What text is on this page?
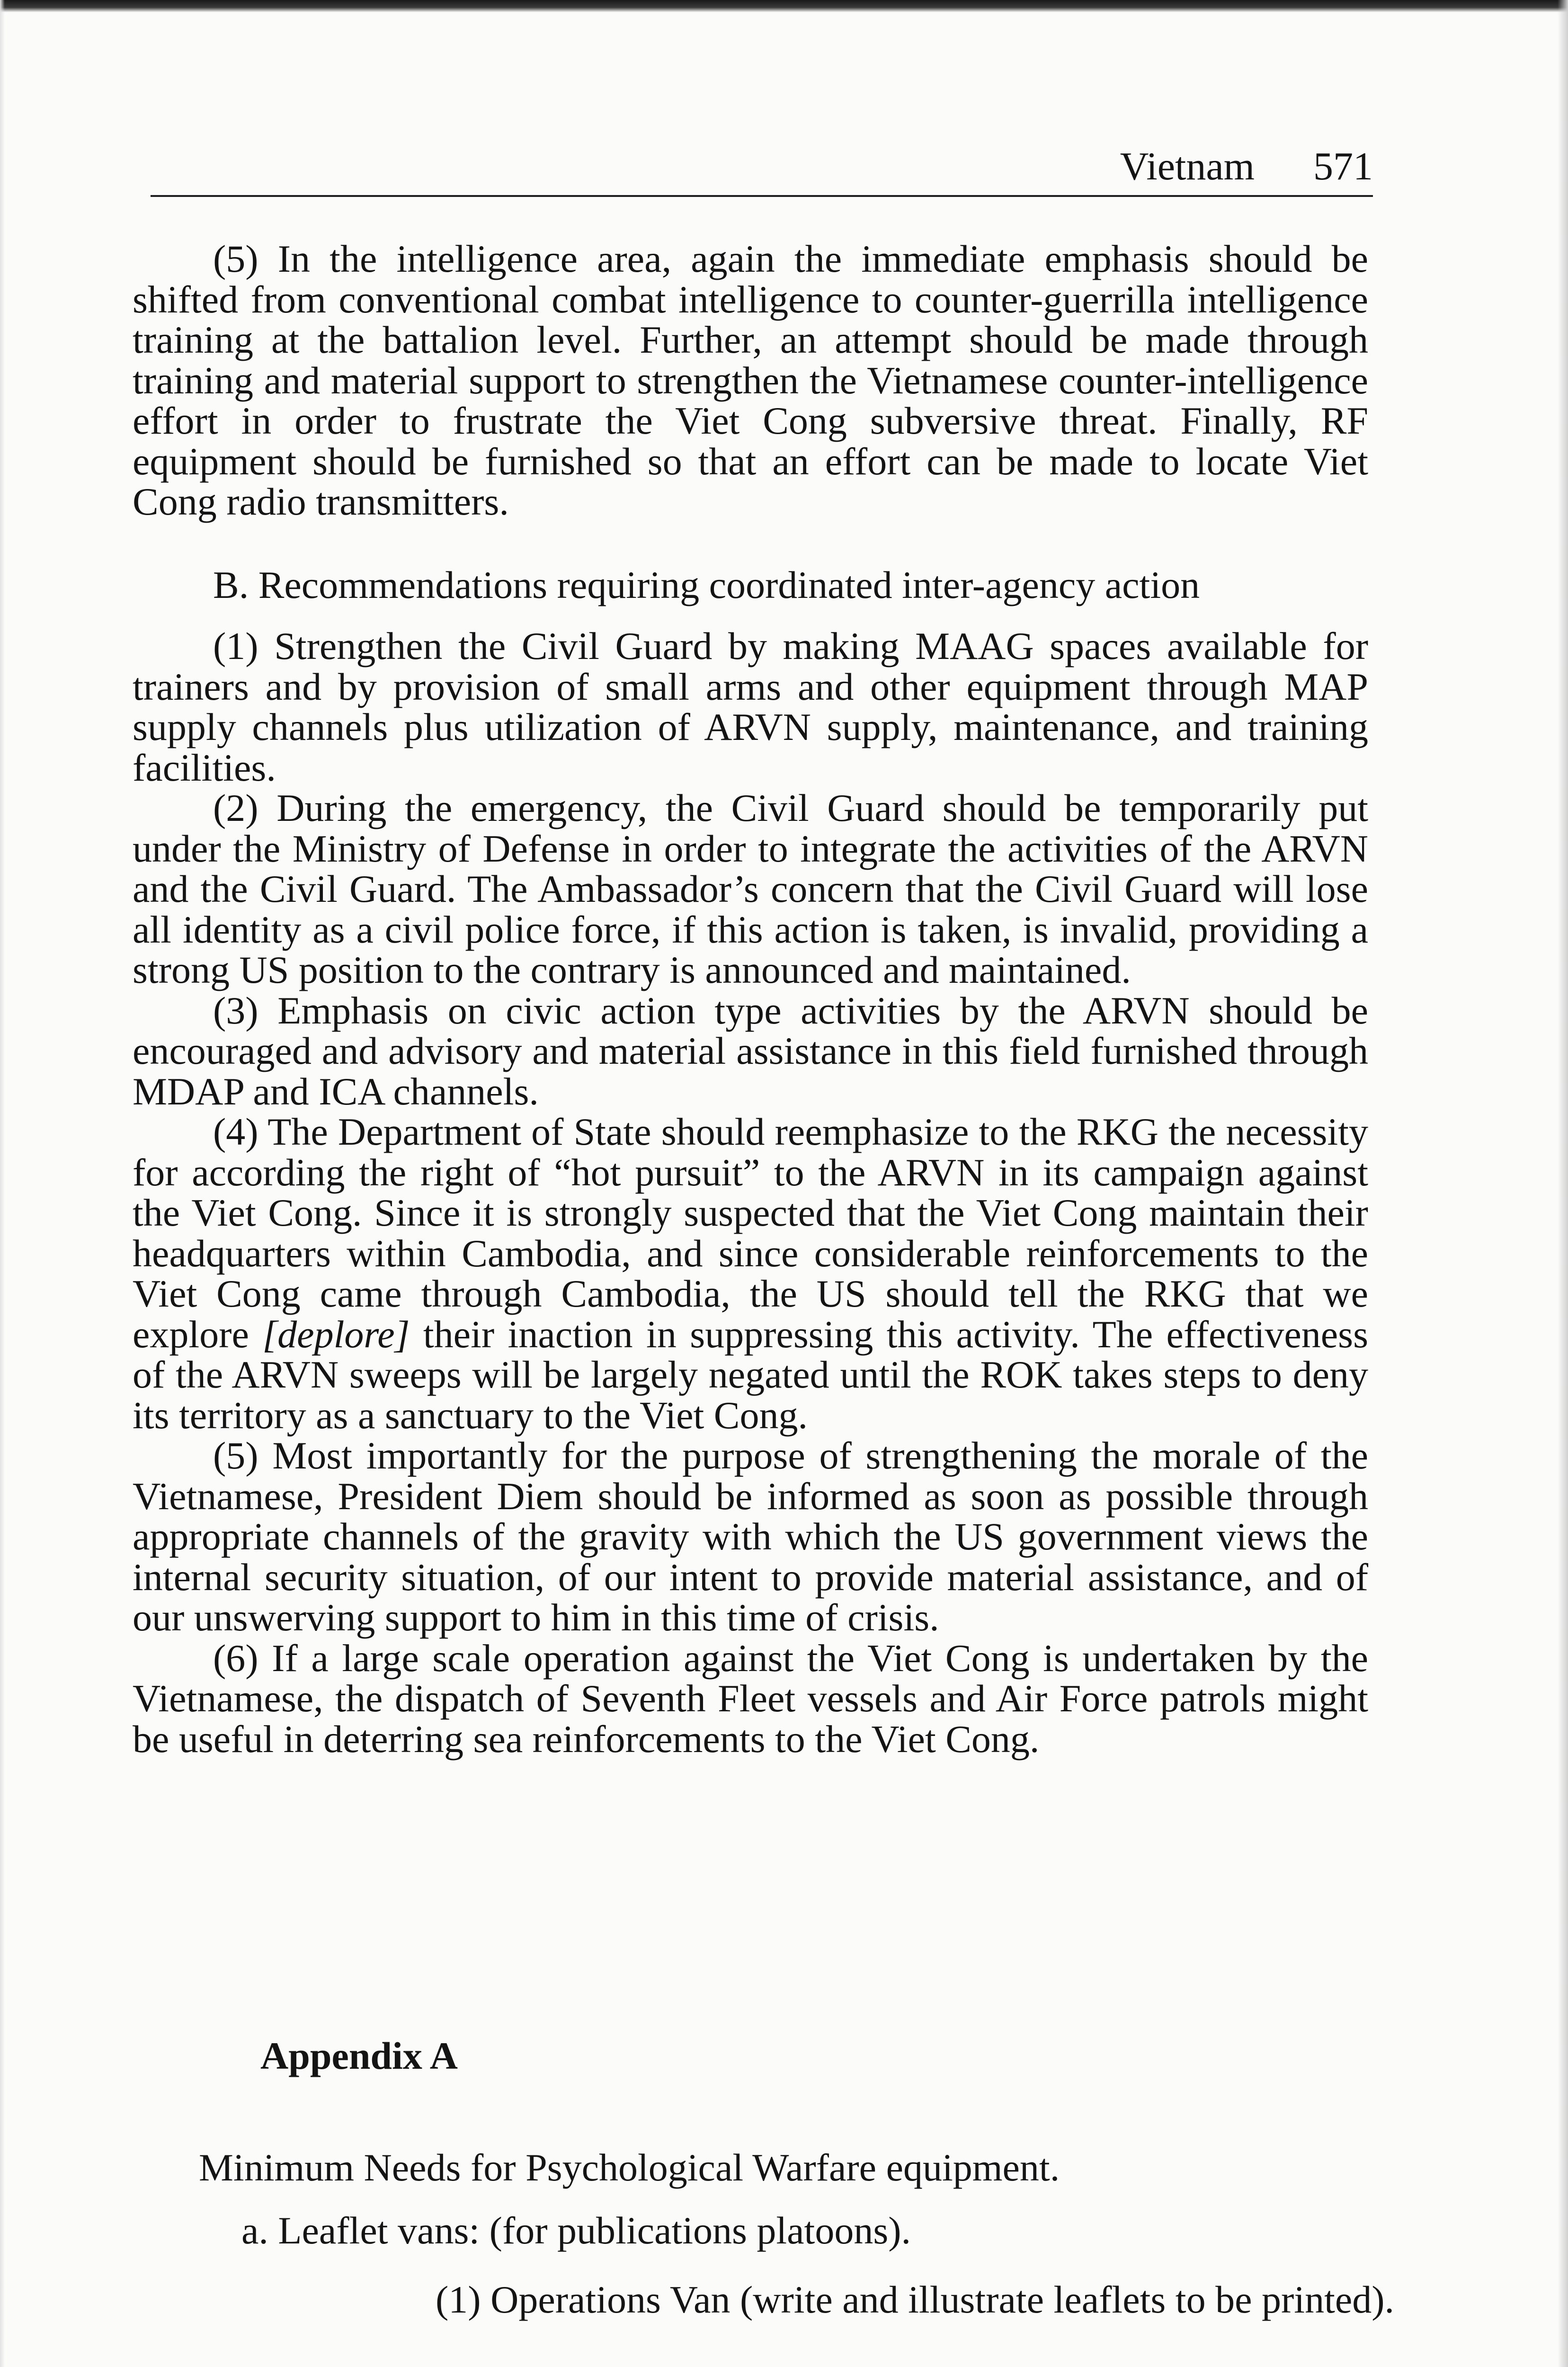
Vietnam 571

(5) In the intelligence area, again the immediate emphasis should be shifted from conventional combat intelligence to counter-guerrilla intelligence training at the battalion level. Further, an attempt should be made through training and material support to strengthen the Vietnamese counter-intelligence effort in order to frustrate the Viet Cong subversive threat. Finally, RF equipment should be furnished so that an effort can be made to locate Viet Cong radio transmitters.

B. Recommendations requiring coordinated inter-agency action

(1) Strengthen the Civil Guard by making MAAG spaces available for trainers and by provision of small arms and other equipment through MAP supply channels plus utilization of ARVN supply, maintenance, and training facilities.

(2) During the emergency, the Civil Guard should be temporarily put under the Ministry of Defense in order to integrate the activities of the ARVN and the Civil Guard. The Ambassador’s concern that the Civil Guard will lose all identity as a civil police force, if this action is taken, is invalid, providing a strong US position to the contrary is announced and maintained.

(3) Emphasis on civic action type activities by the ARVN should be encouraged and advisory and material assistance in this field furnished through MDAP and ICA channels.

(4) The Department of State should reemphasize to the RKG the necessity for according the right of “hot pursuit” to the ARVN in its campaign against the Viet Cong. Since it is strongly suspected that the Viet Cong maintain their headquarters within Cambodia, and since considerable reinforcements to the Viet Cong came through Cambodia, the US should tell the RKG that we explore [deplore] their inaction in suppressing this activity. The effectiveness of the ARVN sweeps will be largely negated until the ROK takes steps to deny its territory as a sanctuary to the Viet Cong.

(5) Most importantly for the purpose of strengthening the morale of the Vietnamese, President Diem should be informed as soon as possible through appropriate channels of the gravity with which the US government views the internal security situation, of our intent to provide material assistance, and of our unswerving support to him in this time of crisis.

(6) If a large scale operation against the Viet Cong is undertaken by the Vietnamese, the dispatch of Seventh Fleet vessels and Air Force patrols might be useful in deterring sea reinforcements to the Viet Cong.

Appendix A

Minimum Needs for Psychological Warfare equipment.

a. Leaflet vans: (for publications platoons).

(1) Operations Van (write and illustrate leaflets to be printed).
